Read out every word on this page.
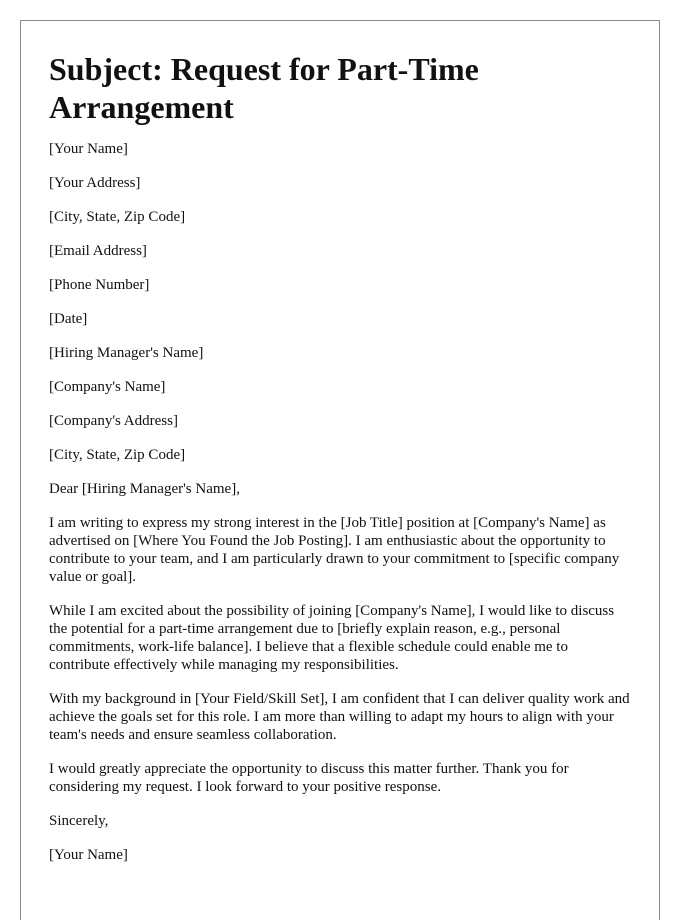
Subject: Request for Part-Time Arrangement

[Your Name]

[Your Address]

[City, State, Zip Code]

[Email Address]

[Phone Number]

[Date]

[Hiring Manager's Name]

[Company's Name]

[Company's Address]

[City, State, Zip Code]

Dear [Hiring Manager's Name],

I am writing to express my strong interest in the [Job Title] position at [Company's Name] as advertised on [Where You Found the Job Posting]. I am enthusiastic about the opportunity to contribute to your team, and I am particularly drawn to your commitment to [specific company value or goal].

While I am excited about the possibility of joining [Company's Name], I would like to discuss the potential for a part-time arrangement due to [briefly explain reason, e.g., personal commitments, work-life balance]. I believe that a flexible schedule could enable me to contribute effectively while managing my responsibilities.

With my background in [Your Field/Skill Set], I am confident that I can deliver quality work and achieve the goals set for this role. I am more than willing to adapt my hours to align with your team's needs and ensure seamless collaboration.

I would greatly appreciate the opportunity to discuss this matter further. Thank you for considering my request. I look forward to your positive response.

Sincerely,

[Your Name]
